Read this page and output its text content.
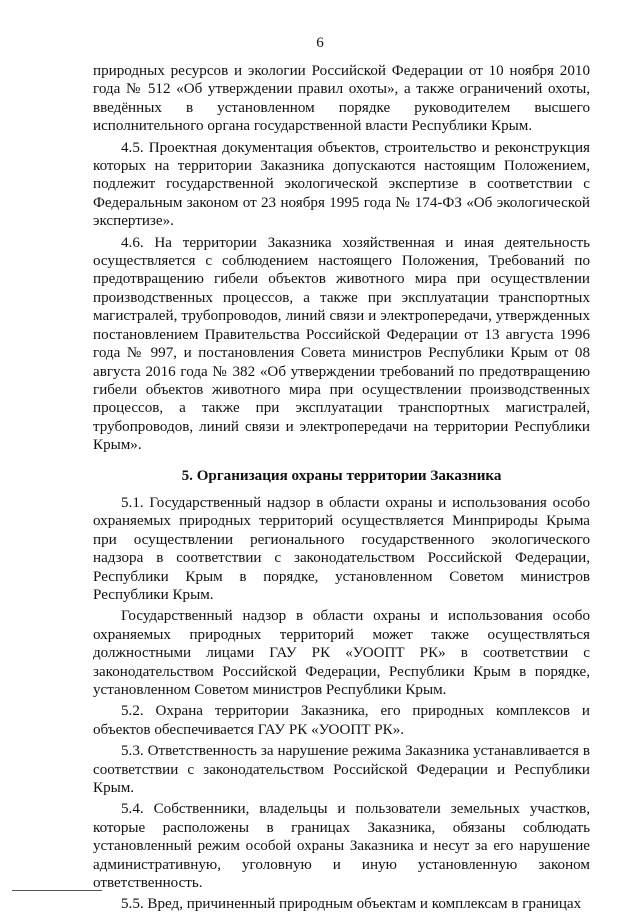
6

природных ресурсов и экологии Российской Федерации от 10 ноября 2010 года № 512 «Об утверждении правил охоты», а также ограничений охоты, введённых в установленном порядке руководителем высшего исполнительного органа государственной власти Республики Крым.

4.5. Проектная документация объектов, строительство и реконструкция которых на территории Заказника допускаются настоящим Положением, подлежит государственной экологической экспертизе в соответствии с Федеральным законом от 23 ноября 1995 года № 174-ФЗ «Об экологической экспертизе».

4.6. На территории Заказника хозяйственная и иная деятельность осуществляется с соблюдением настоящего Положения, Требований по предотвращению гибели объектов животного мира при осуществлении производственных процессов, а также при эксплуатации транспортных магистралей, трубопроводов, линий связи и электропередачи, утвержденных постановлением Правительства Российской Федерации от 13 августа 1996 года № 997, и постановления Совета министров Республики Крым от 08 августа 2016 года № 382 «Об утверждении требований по предотвращению гибели объектов животного мира при осуществлении производственных процессов, а также при эксплуатации транспортных магистралей, трубопроводов, линий связи и электропередачи на территории Республики Крым».

5. Организация охраны территории Заказника

5.1. Государственный надзор в области охраны и использования особо охраняемых природных территорий осуществляется Минприроды Крыма при осуществлении регионального государственного экологического надзора в соответствии с законодательством Российской Федерации, Республики Крым в порядке, установленном Советом министров Республики Крым.

Государственный надзор в области охраны и использования особо охраняемых природных территорий может также осуществляться должностными лицами ГАУ РК «УООПТ РК» в соответствии с законодательством Российской Федерации, Республики Крым в порядке, установленном Советом министров Республики Крым.

5.2. Охрана территории Заказника, его природных комплексов и объектов обеспечивается ГАУ РК «УООПТ РК».

5.3. Ответственность за нарушение режима Заказника устанавливается в соответствии с законодательством Российской Федерации и Республики Крым.

5.4. Собственники, владельцы и пользователи земельных участков, которые расположены в границах Заказника, обязаны соблюдать установленный режим особой охраны Заказника и несут за его нарушение административную, уголовную и иную установленную законом ответственность.

5.5. Вред, причиненный природным объектам и комплексам в границах
